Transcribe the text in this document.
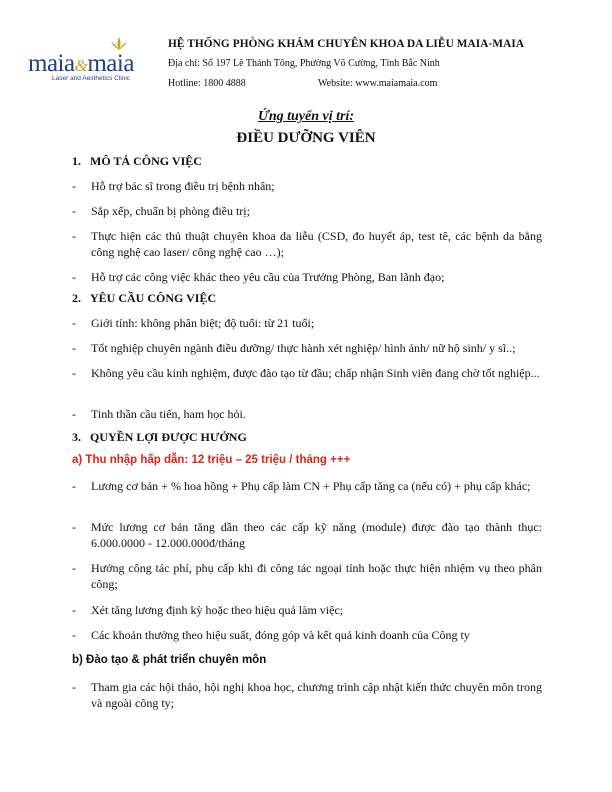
maia&maia
Laser and Aesthetics Clinic
HỆ THỐNG PHÒNG KHÁM CHUYÊN KHOA DA LIỄU MAIA-MAIA
Địa chỉ: Số 197 Lê Thánh Tông, Phường Võ Cường, Tỉnh Bắc Ninh
Hotline: 1800 4888	Website: www.maiamaia.com
Ứng tuyển vị trí:
ĐIỀU DƯỠNG VIÊN
1. MÔ TẢ CÔNG VIỆC
- Hỗ trợ bác sĩ trong điều trị bệnh nhân;
- Sắp xếp, chuẩn bị phòng điều trị;
- Thực hiện các thủ thuật chuyên khoa da liễu (CSD, đo huyết áp, test tê, các bệnh da bằng công nghệ cao laser/ công nghệ cao …);
- Hỗ trợ các công việc khác theo yêu cầu của Trưởng Phòng, Ban lãnh đạo;
2. YÊU CẦU CÔNG VIỆC
- Giới tính: không phân biệt; độ tuổi: từ 21 tuổi;
- Tốt nghiệp chuyên ngành điều dưỡng/ thực hành xét nghiệp/ hình ảnh/ nữ hộ sinh/ y sĩ..;
- Không yêu cầu kinh nghiệm, được đào tạo từ đầu; chấp nhận Sinh viên đang chờ tốt nghiệp...
- Tinh thần cầu tiến, ham học hỏi.
3. QUYỀN LỢI ĐƯỢC HƯỞNG
a) Thu nhập hấp dẫn: 12 triệu – 25 triệu / tháng +++
- Lương cơ bản + % hoa hồng + Phụ cấp làm CN + Phụ cấp tăng ca (nếu có) + phụ cấp khác;
- Mức lương cơ bản tăng dần theo các cấp kỹ năng (module) được đào tạo thành thục: 6.000.0000 - 12.000.000đ/tháng
- Hưởng công tác phí, phụ cấp khi đi công tác ngoại tỉnh hoặc thực hiện nhiệm vụ theo phân công;
- Xét tăng lương định kỳ hoặc theo hiệu quả làm việc;
- Các khoản thưởng theo hiệu suất, đóng góp và kết quả kinh doanh của Công ty
b) Đào tạo & phát triển chuyên môn
- Tham gia các hội thảo, hội nghị khoa học, chương trình cập nhật kiến thức chuyên môn trong và ngoài công ty;
